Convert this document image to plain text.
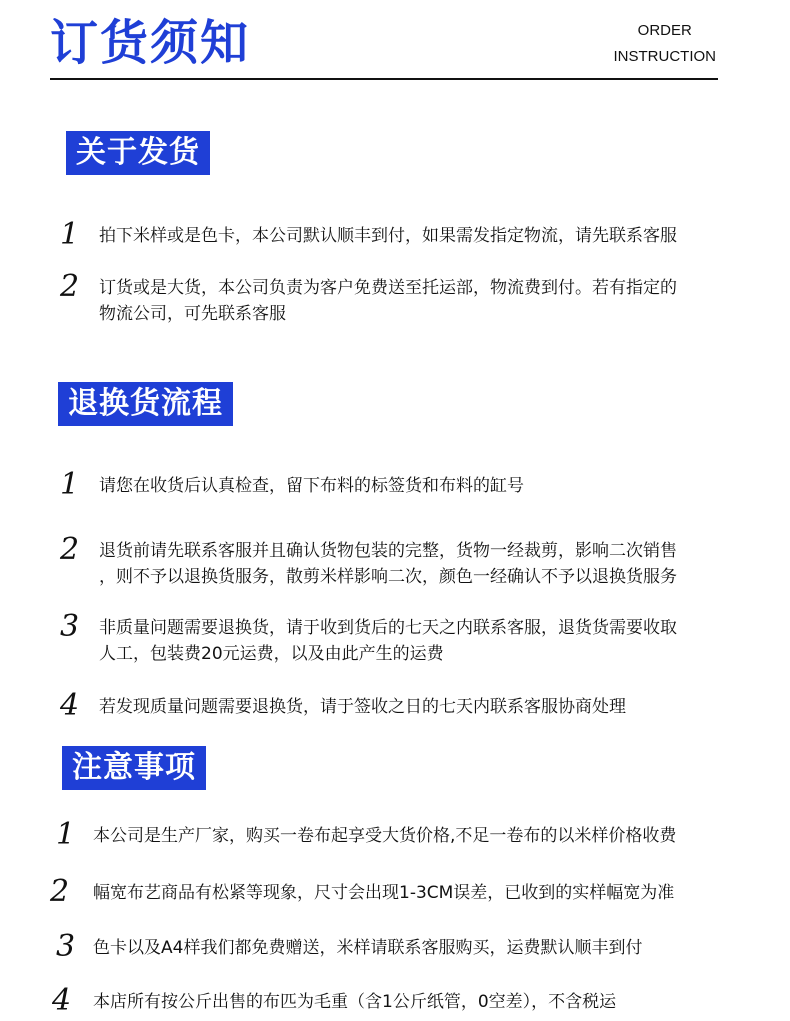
订货须知	ORDER
INSTRUCTION
关于发货
1	拍下米样或是色卡，本公司默认顺丰到付，如果需发指定物流，请先联系客服
2	订货或是大货，本公司负责为客户免费送至托运部，物流费到付。若有指定的
物流公司，可先联系客服
退换货流程
1	请您在收货后认真检查，留下布料的标签货和布料的缸号
2	退货前请先联系客服并且确认货物包装的完整，货物一经裁剪，影响二次销售
，则不予以退换货服务，散剪米样影响二次，颜色一经确认不予以退换货服务
3	非质量问题需要退换货，请于收到货后的七天之内联系客服，退货货需要收取
人工，包装费20元运费，以及由此产生的运费
4	若发现质量问题需要退换货，请于签收之日的七天内联系客服协商处理
注意事项
1	本公司是生产厂家，购买一卷布起享受大货价格,不足一卷布的以米样价格收费
2	幅宽布艺商品有松紧等现象，尺寸会出现1-3CM误差，已收到的实样幅宽为准
3	色卡以及A4样我们都免费赠送，米样请联系客服购买，运费默认顺丰到付
4	本店所有按公斤出售的布匹为毛重（含1公斤纸管，0空差），不含税运
